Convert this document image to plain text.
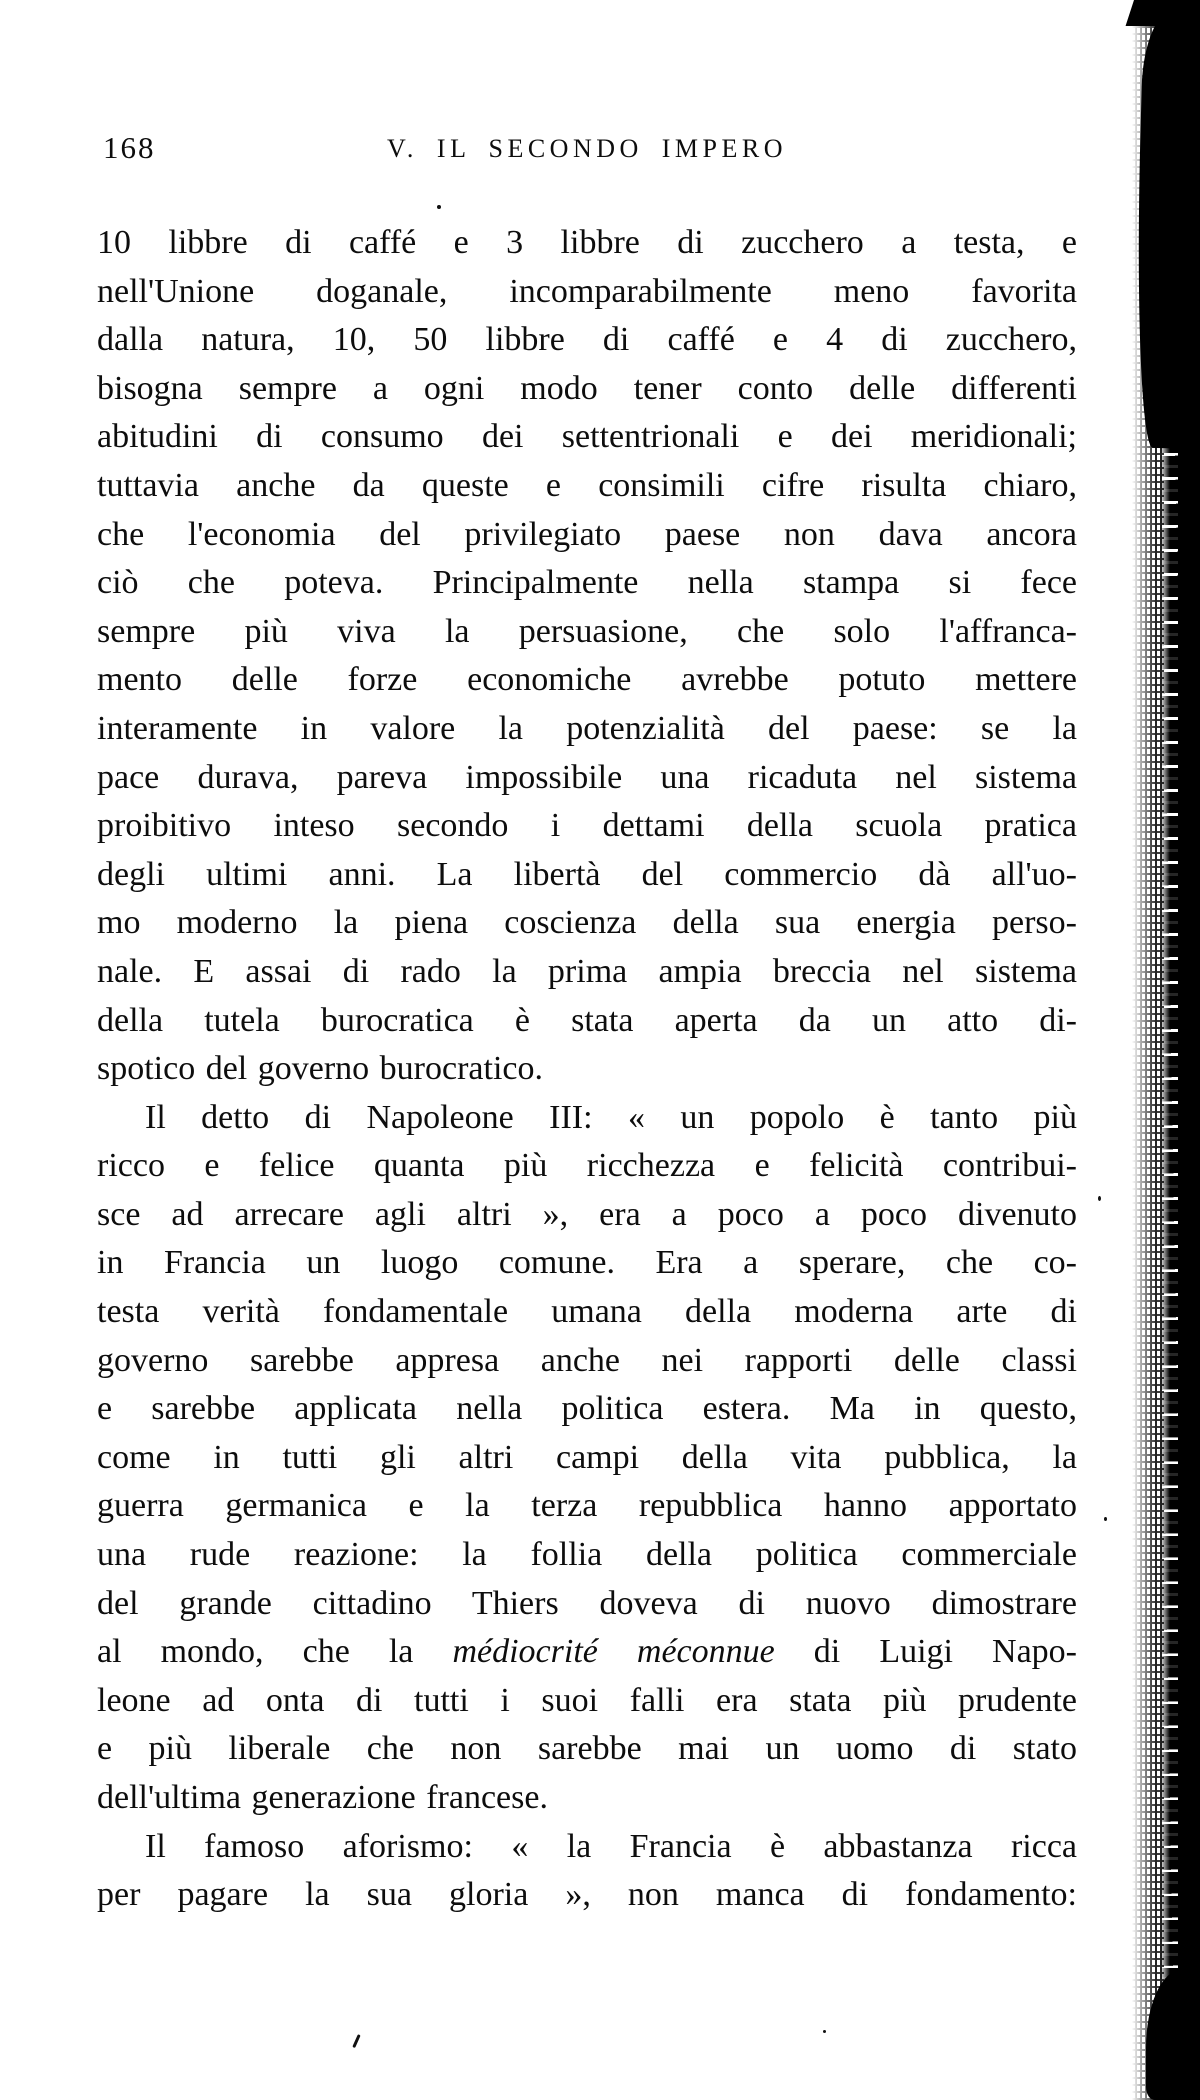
168	V. IL SECONDO IMPERO
10 libbre di caffé e 3 libbre di zucchero a testa, e
nell'Unione doganale, incomparabilmente meno favorita
dalla natura, 10, 50 libbre di caffé e 4 di zucchero,
bisogna sempre a ogni modo tener conto delle differenti
abitudini di consumo dei settentrionali e dei meridionali;
tuttavia anche da queste e consimili cifre risulta chiaro,
che l'economia del privilegiato paese non dava ancora
ciò che poteva. Principalmente nella stampa si fece
sempre più viva la persuasione, che solo l'affranca-
mento delle forze economiche avrebbe potuto mettere
interamente in valore la potenzialità del paese: se la
pace durava, pareva impossibile una ricaduta nel sistema
proibitivo inteso secondo i dettami della scuola pratica
degli ultimi anni. La libertà del commercio dà all'uo-
mo moderno la piena coscienza della sua energia perso-
nale. E assai di rado la prima ampia breccia nel sistema
della tutela burocratica è stata aperta da un atto di-
spotico del governo burocratico.
Il detto di Napoleone III: « un popolo è tanto più
ricco e felice quanta più ricchezza e felicità contribui-
sce ad arrecare agli altri », era a poco a poco divenuto
in Francia un luogo comune. Era a sperare, che co-
testa verità fondamentale umana della moderna arte di
governo sarebbe appresa anche nei rapporti delle classi
e sarebbe applicata nella politica estera. Ma in questo,
come in tutti gli altri campi della vita pubblica, la
guerra germanica e la terza repubblica hanno apportato
una rude reazione: la follia della politica commerciale
del grande cittadino Thiers doveva di nuovo dimostrare
al mondo, che la médiocrité méconnue di Luigi Napo-
leone ad onta di tutti i suoi falli era stata più prudente
e più liberale che non sarebbe mai un uomo di stato
dell'ultima generazione francese.
Il famoso aforismo: « la Francia è abbastanza ricca
per pagare la sua gloria », non manca di fondamento:
